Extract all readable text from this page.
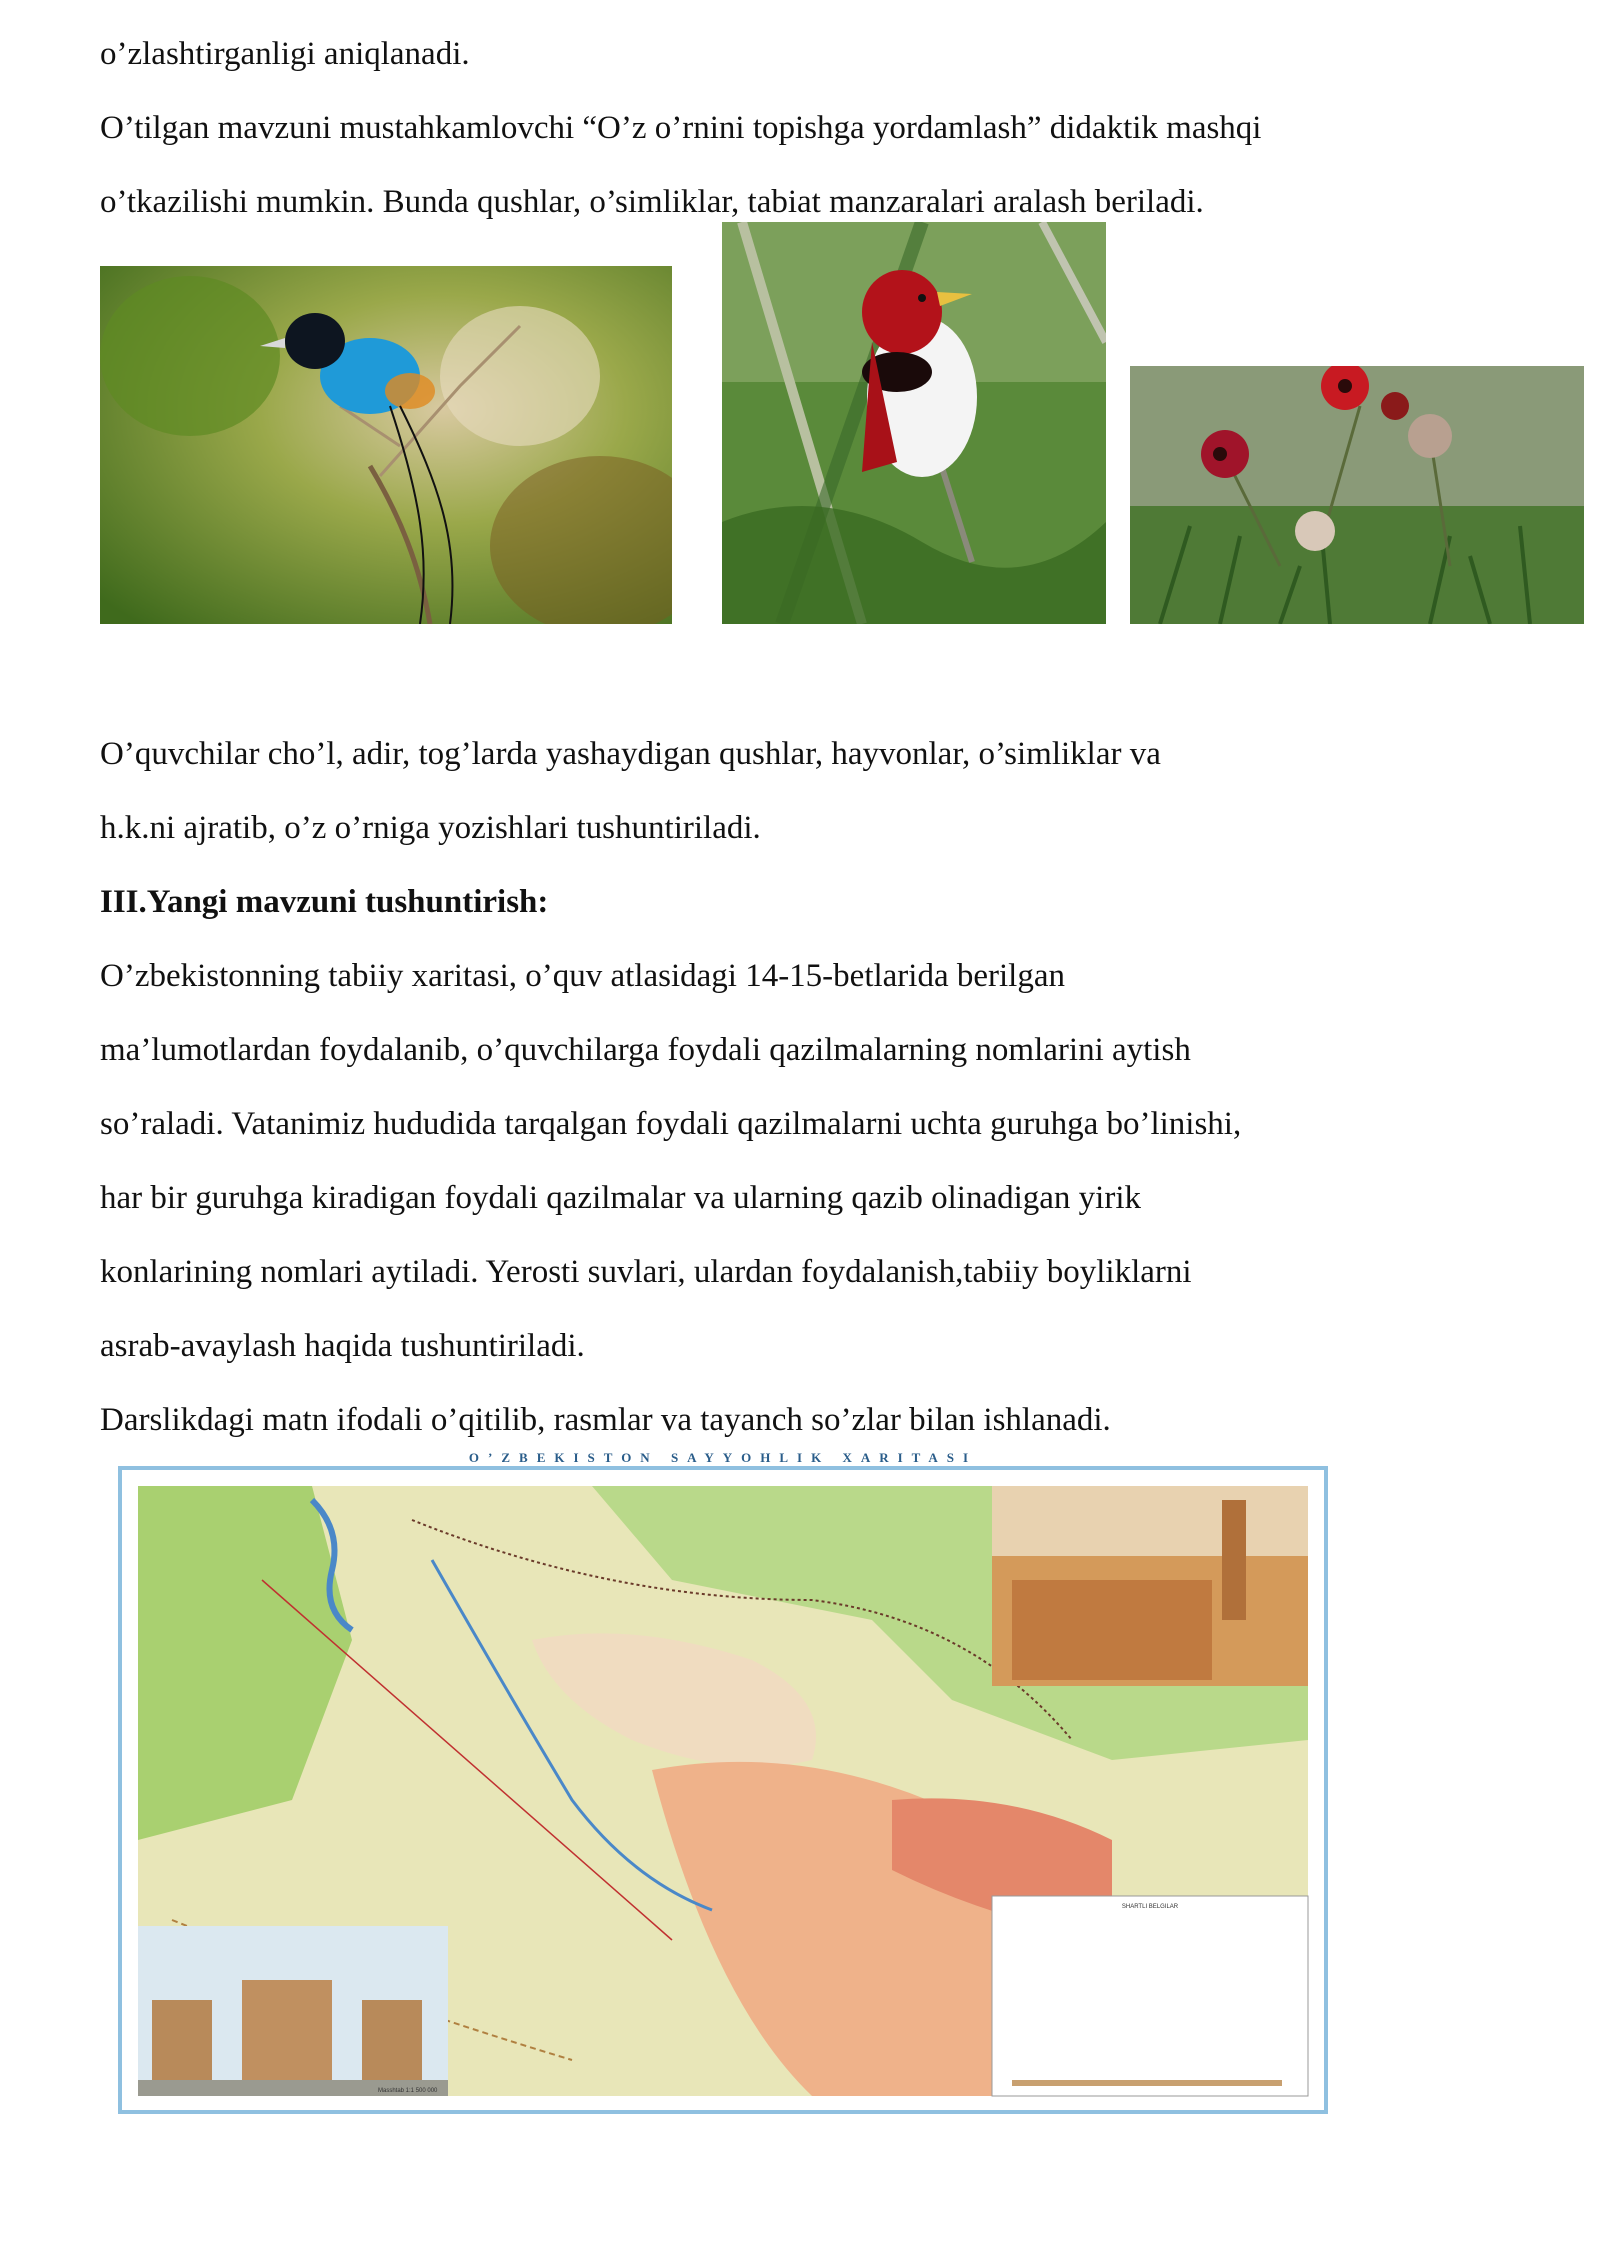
o’zlashtirganligi aniqlanadi.
O’tilgan mavzuni mustahkamlovchi “O’z o’rnini topishga yordamlash” didaktik mashqi
o’tkazilishi mumkin. Bunda qushlar, o’simliklar, tabiat manzaralari aralash beriladi.
O’quvchilar cho’l, adir, tog’larda yashaydigan qushlar, hayvonlar, o’simliklar va
h.k.ni ajratib, o’z o’rniga yozishlari tushuntiriladi.
III.Yangi mavzuni tushuntirish:
O’zbekistonning tabiiy xaritasi, o’quv atlasidagi 14-15-betlarida berilgan
ma’lumotlardan foydalanib, o’quvchilarga foydali qazilmalarning nomlarini aytish
so’raladi. Vatanimiz hududida tarqalgan foydali qazilmalarni uchta guruhga bo’linishi,
har bir guruhga kiradigan foydali qazilmalar va ularning qazib olinadigan yirik
konlarining nomlari aytiladi. Yerosti suvlari, ulardan foydalanish,tabiiy boyliklarni
asrab-avaylash haqida tushuntiriladi.
Darslikdagi matn ifodali o’qitilib, rasmlar va tayanch so’zlar bilan ishlanadi.
O’ZBEKISTON SAYYOHLIK XARITASI
SHARTLI BELGILAR
Masshtab 1:1 500 000
